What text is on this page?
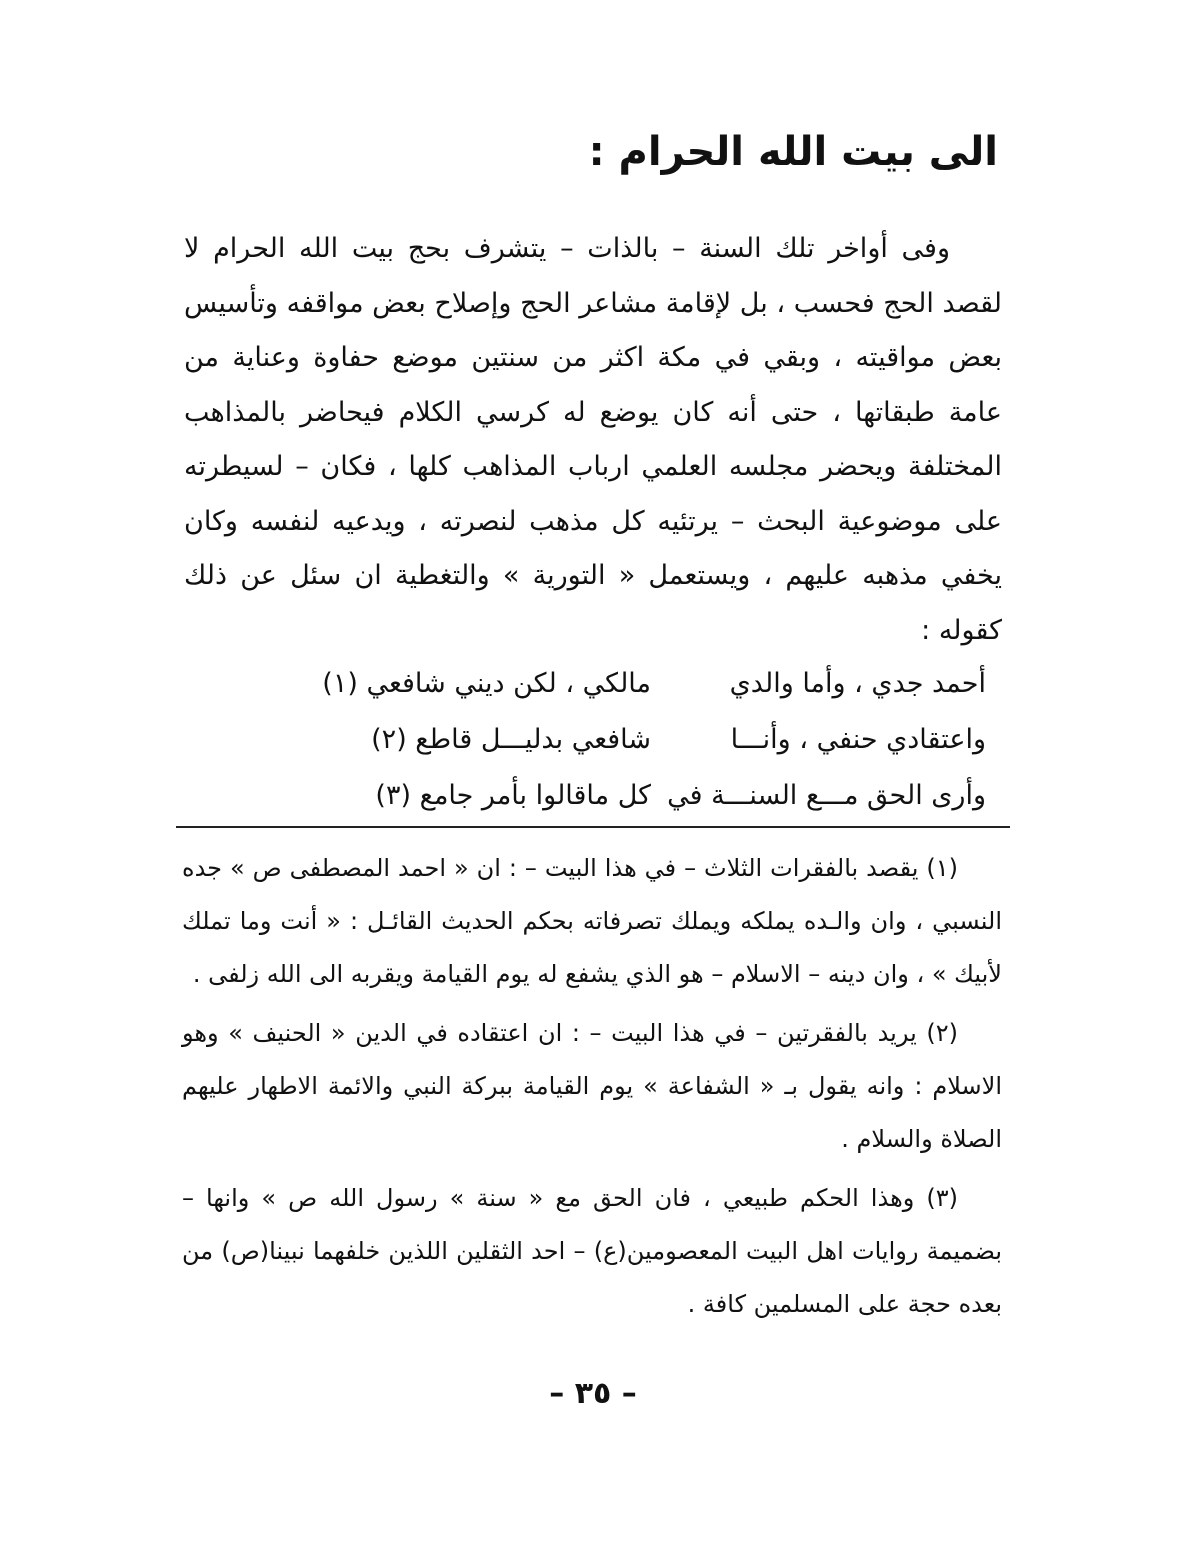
الى بيت الله الحرام :

وفى أواخر تلك السنة – بالذات – يتشرف بحج بيت الله الحرام لا لقصد الحج فحسب ، بل لإقامة مشاعر الحج وإصلاح بعض مواقفه وتأسيس بعض مواقيته ، وبقي في مكة اكثر من سنتين موضع حفاوة وعناية من عامة طبقاتها ، حتى أنه كان يوضع له كرسي الكلام فيحاضر بالمذاهب المختلفة ويحضر مجلسه العلمي ارباب المذاهب كلها ، فكان – لسيطرته على موضوعية البحث – يرتئيه كل مذهب لنصرته ، ويدعيه لنفسه وكان يخفي مذهبه عليهم ، ويستعمل « التورية » والتغطية ان سئل عن ذلك كقوله :

أحمد جدي ، وأما والدي
مالكي ، لكن ديني شافعي (١)
واعتقادي حنفي ، وأنـــا
شافعي بدليـــل قاطع (٢)
وأرى الحق مـــع السنـــة في
كل ماقالوا بأمر جامع (٣)

(١) يقصد بالفقرات الثلاث – في هذا البيت – : ان « احمد المصطفى ص » جده النسبي ، وان والـده يملكه ويملك تصرفاته بحكم الحديث القائـل : « أنت وما تملك لأبيك » ، وان دينه – الاسلام – هو الذي يشفع له يوم القيامة ويقربه الى الله زلفى .

(٢) يريد بالفقرتين – في هذا البيت – : ان اعتقاده في الدين « الحنيف » وهو الاسلام : وانه يقول بـ « الشفاعة » يوم القيامة ببركة النبي والائمة الاطهار عليهم الصلاة والسلام .

(٣) وهذا الحكم طبيعي ، فان الحق مع « سنة » رسول الله ص » وانها – بضميمة روايات اهل البيت المعصومين(ع) – احد الثقلين اللذين خلفهما نبينا(ص) من بعده حجة على المسلمين كافة .

– ٣٥ –
